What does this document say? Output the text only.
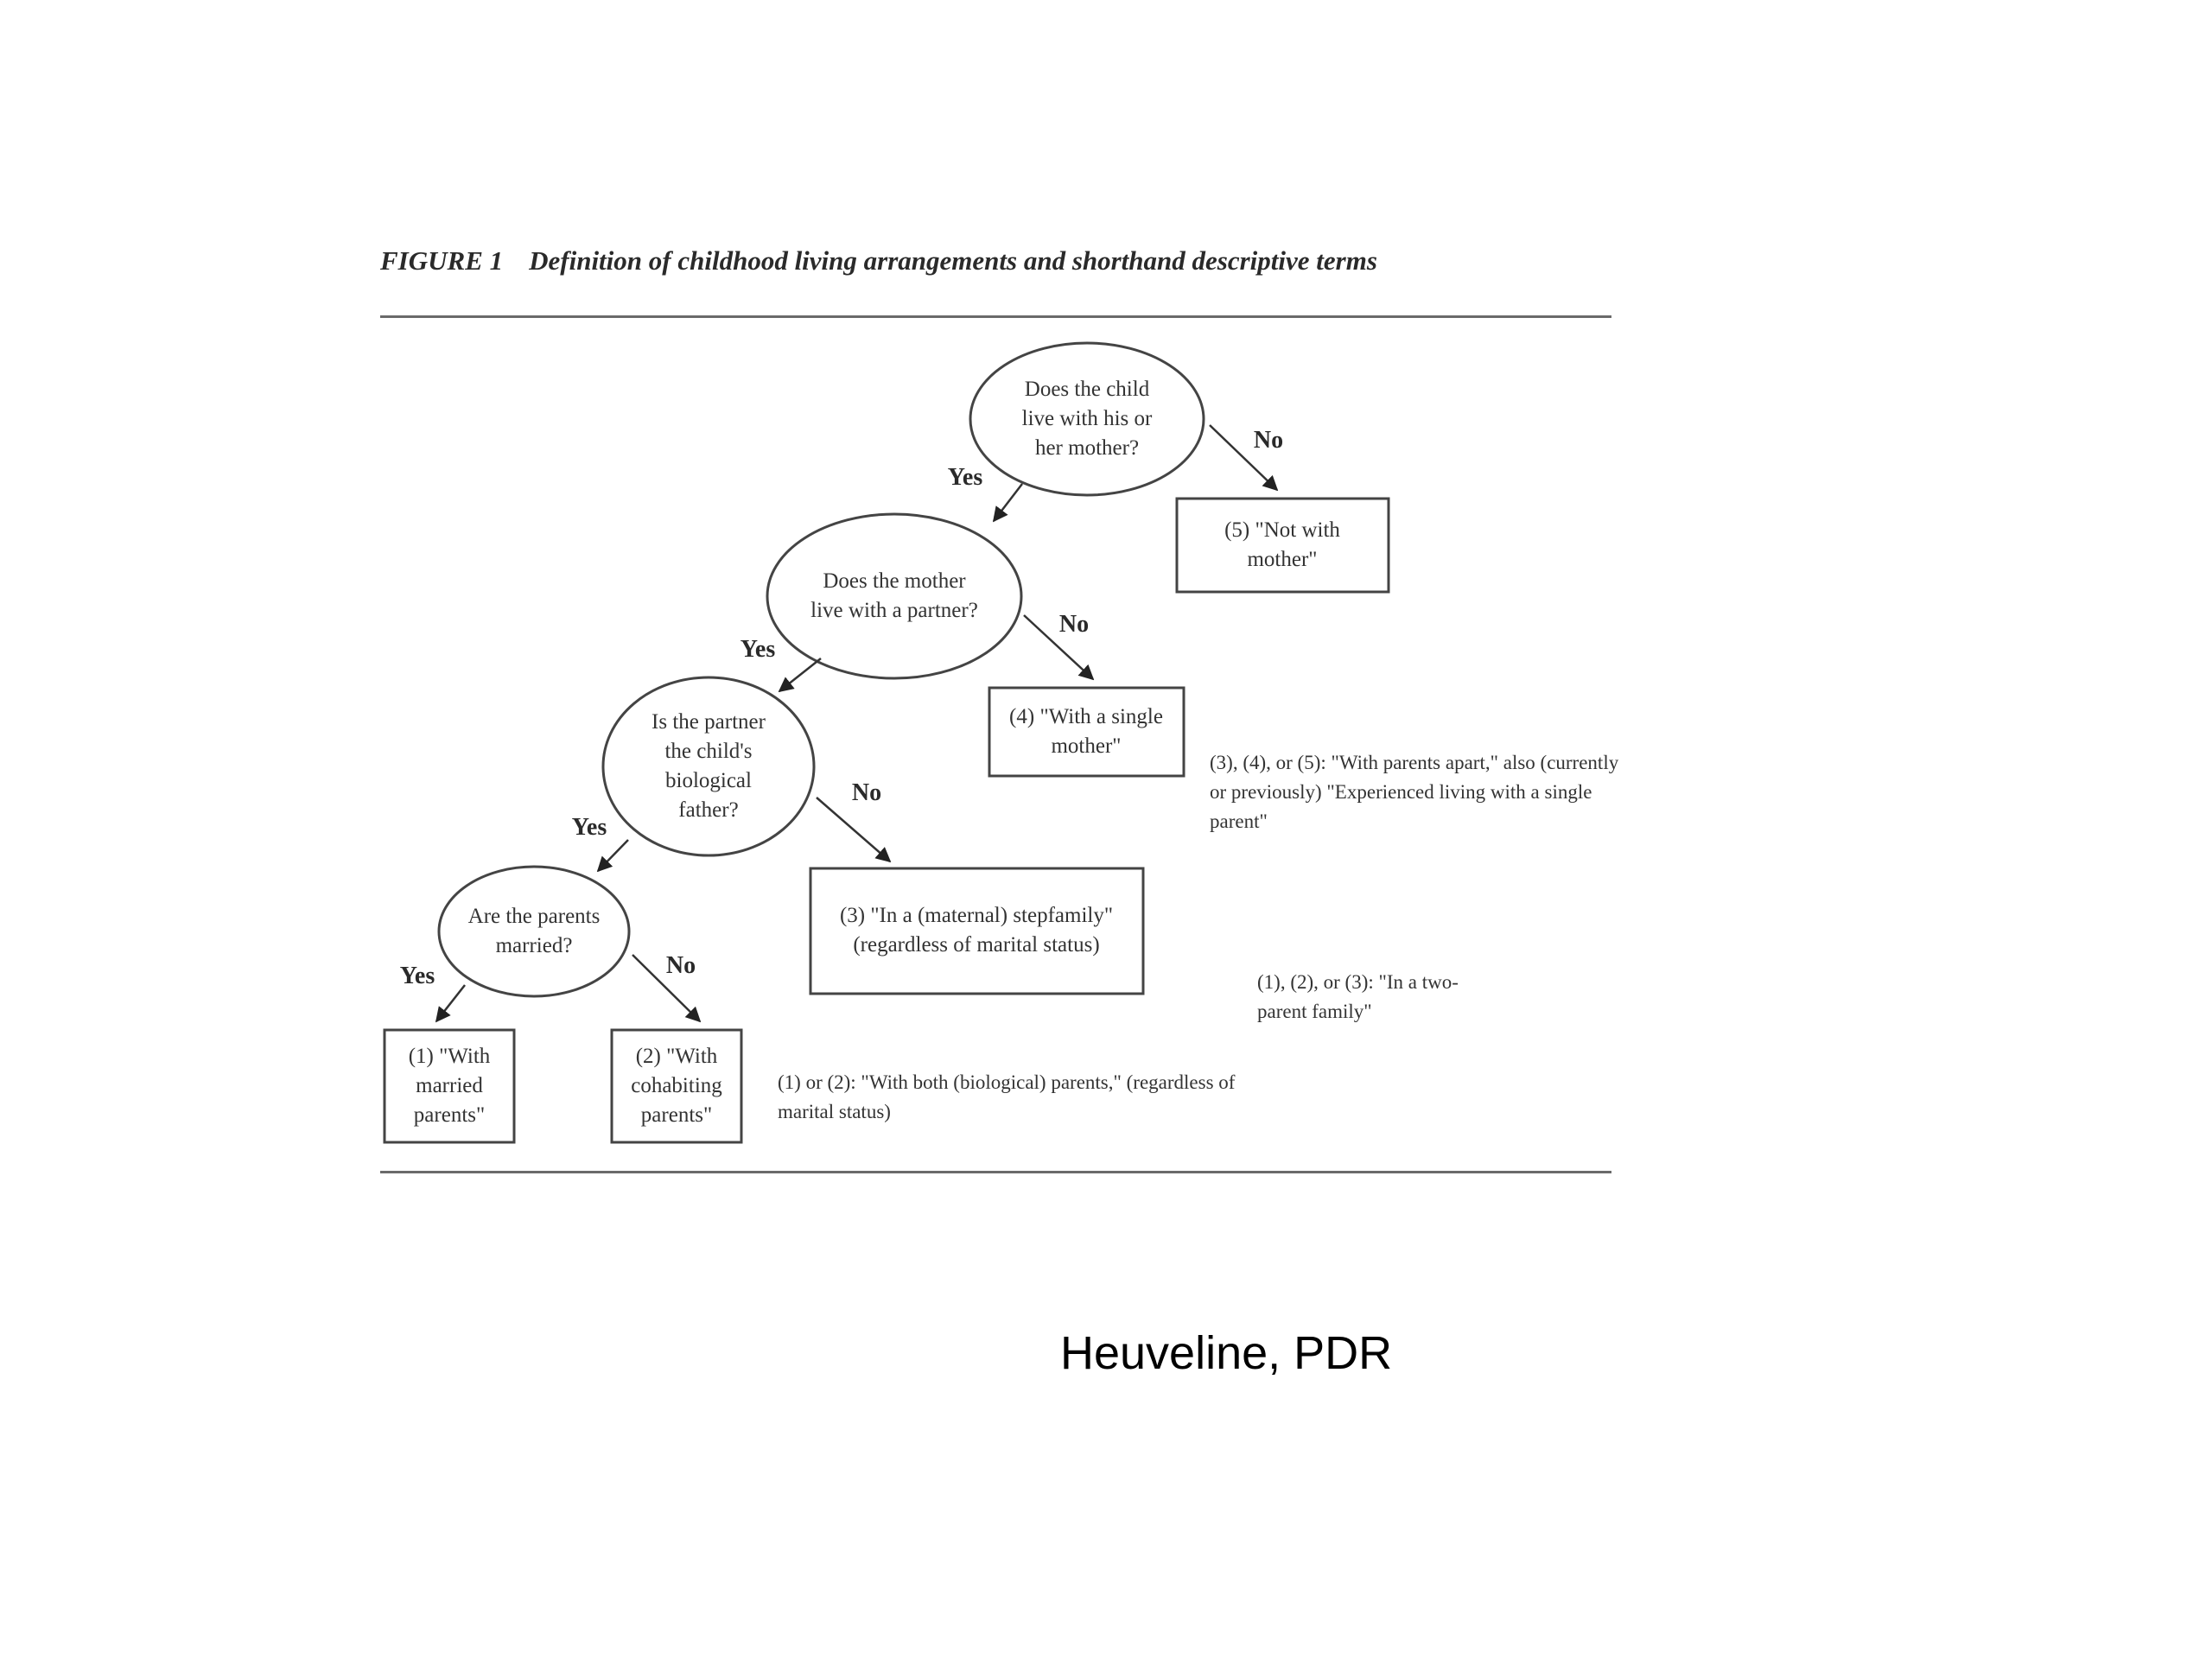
FIGURE 1 Definition of childhood living arrangements and shorthand descriptive terms
Does the child live with his or her mother?
Does the mother live with a partner?
Is the partner the child's biological father?
Are the parents married?
(5) "Not with mother"
(4) "With a single mother"
(3) "In a (maternal) stepfamily" (regardless of marital status)
(1) "With married parents"
(2) "With cohabiting parents"
Yes
No
Yes
No
Yes
No
Yes	No
(3), (4), or (5): "With parents apart," also (currently or previously) "Experienced living with a single parent"
(1), (2), or (3): "In a two-parent family"
(1) or (2): "With both (biological) parents," (regardless of marital status)
Heuveline, PDR
